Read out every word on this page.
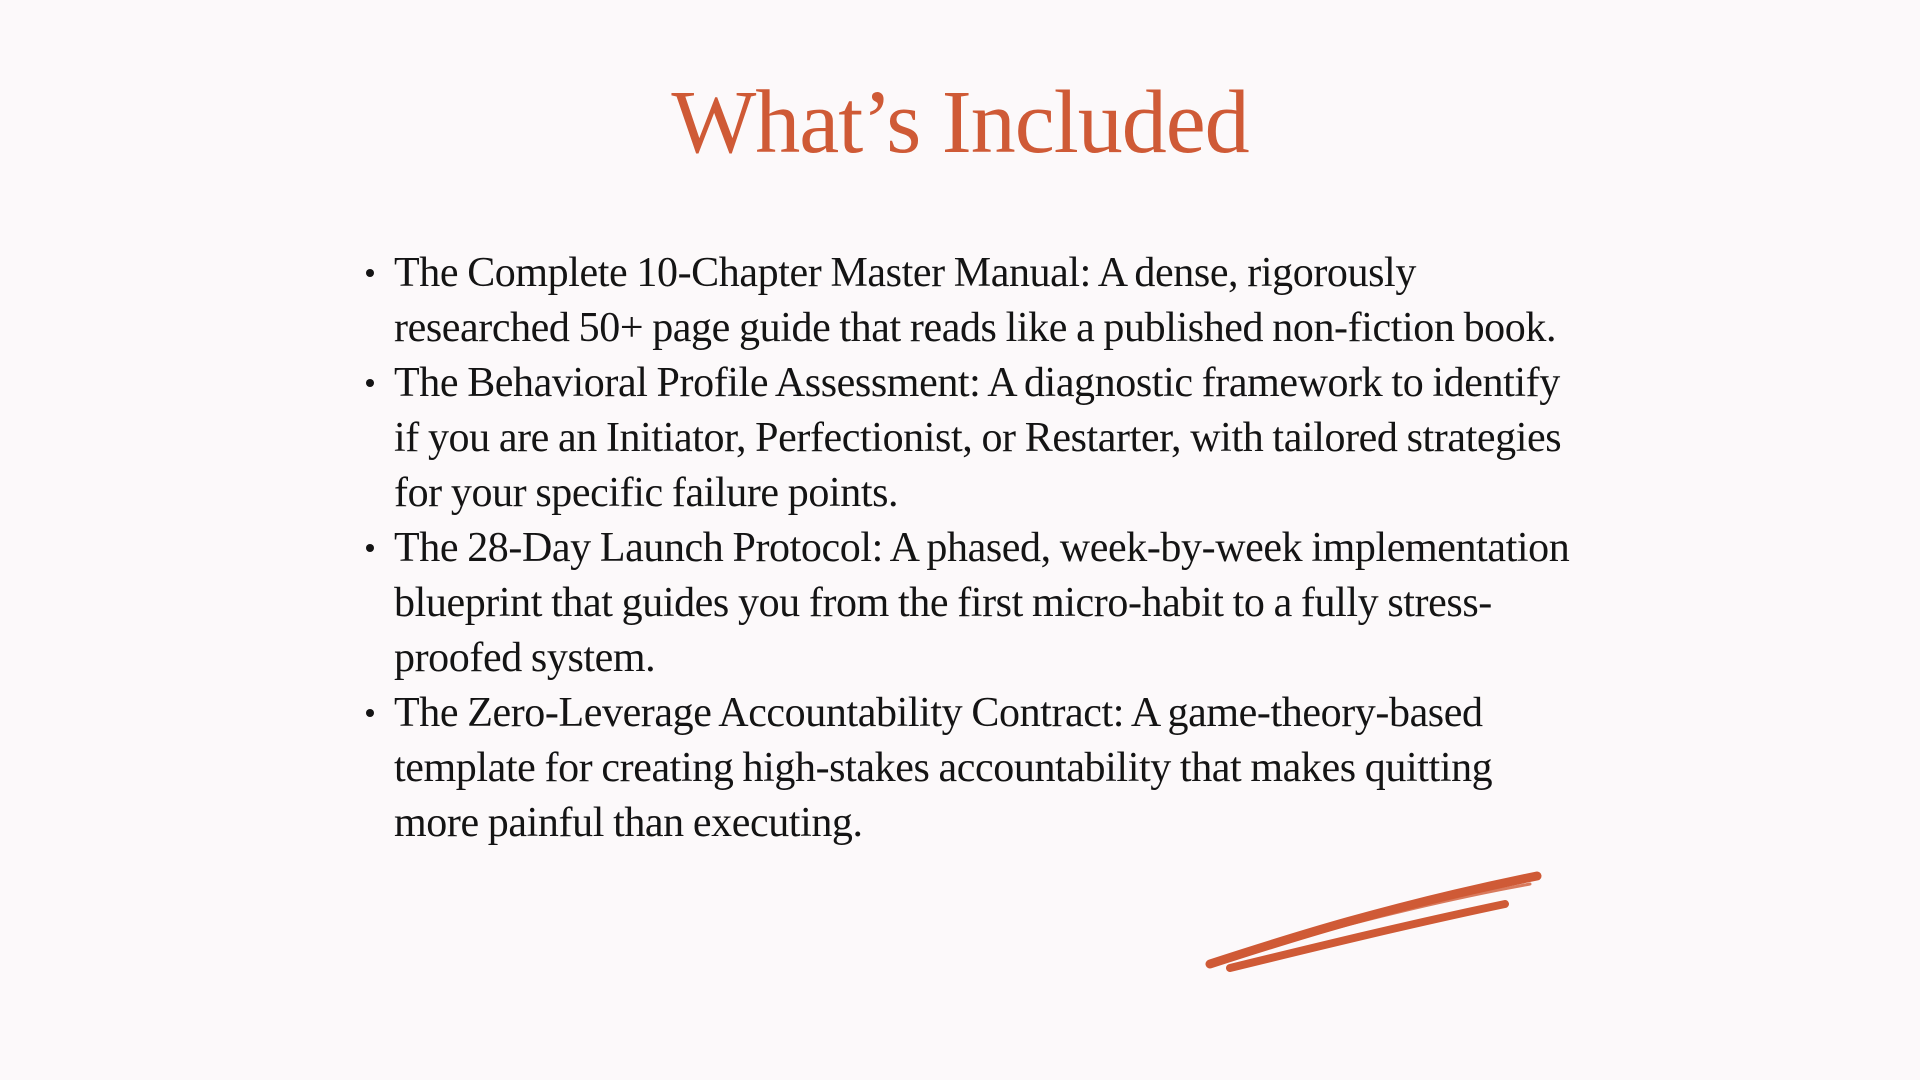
What’s Included
The Complete 10-Chapter Master Manual: A dense, rigorously researched 50+ page guide that reads like a published non-fiction book.
The Behavioral Profile Assessment: A diagnostic framework to identify if you are an Initiator, Perfectionist, or Restarter, with tailored strategies for your specific failure points.
The 28-Day Launch Protocol: A phased, week-by-week implementation blueprint that guides you from the first micro-habit to a fully stress-proofed system.
The Zero-Leverage Accountability Contract: A game-theory-based template for creating high-stakes accountability that makes quitting more painful than executing.
